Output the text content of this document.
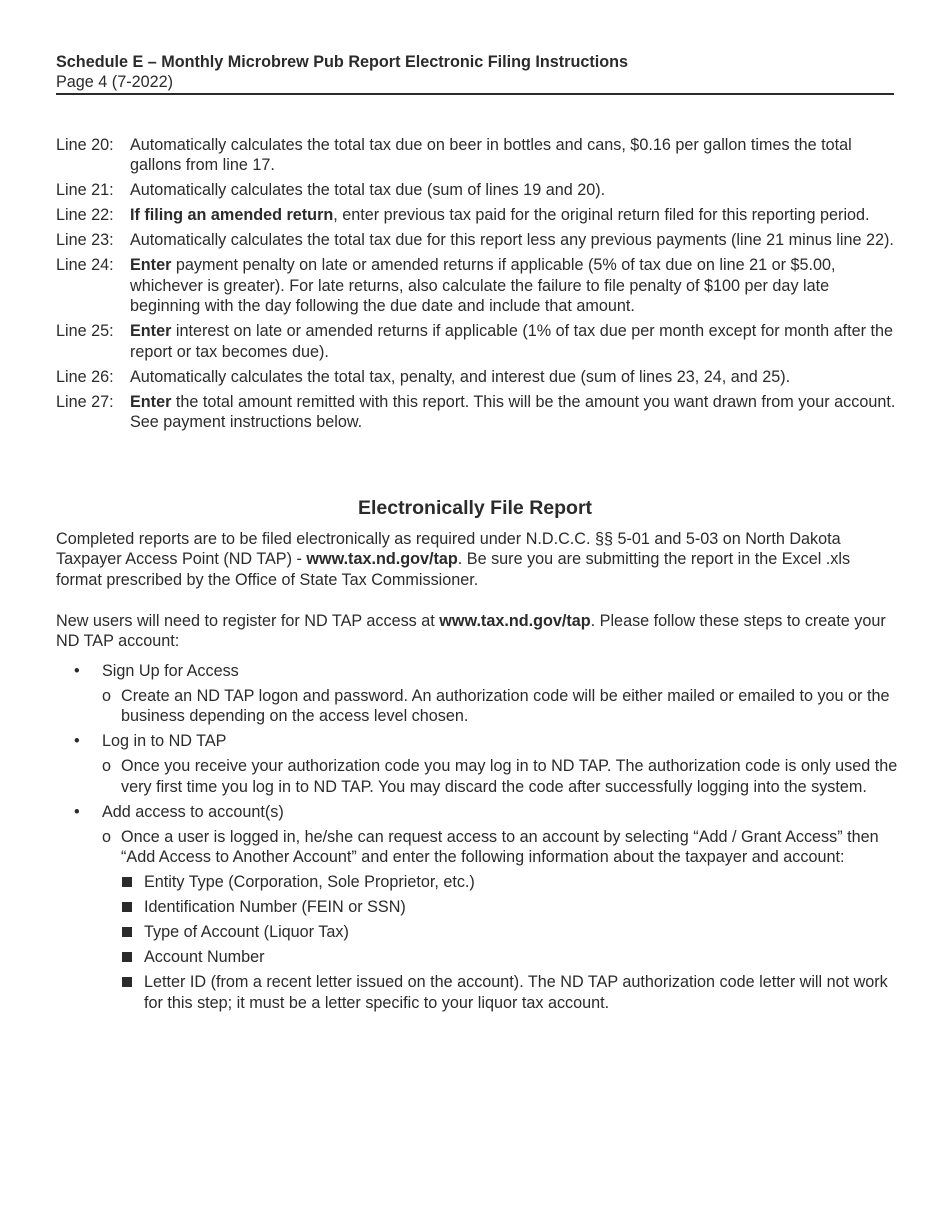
Schedule E – Monthly Microbrew Pub Report Electronic Filing Instructions
Page 4 (7-2022)
Line 20:	Automatically calculates the total tax due on beer in bottles and cans, $0.16 per gallon times the total gallons from line 17.
Line 21:	Automatically calculates the total tax due (sum of lines 19 and 20).
Line 22:	If filing an amended return, enter previous tax paid for the original return filed for this reporting period.
Line 23:	Automatically calculates the total tax due for this report less any previous payments (line 21 minus line 22).
Line 24:	Enter payment penalty on late or amended returns if applicable (5% of tax due on line 21 or $5.00, whichever is greater). For late returns, also calculate the failure to file penalty of $100 per day late beginning with the day following the due date and include that amount.
Line 25:	Enter interest on late or amended returns if applicable (1% of tax due per month except for month after the report or tax becomes due).
Line 26:	Automatically calculates the total tax, penalty, and interest due (sum of lines 23, 24, and 25).
Line 27:	Enter the total amount remitted with this report. This will be the amount you want drawn from your account. See payment instructions below.
Electronically File Report
Completed reports are to be filed electronically as required under N.D.C.C. §§ 5-01 and 5-03 on North Dakota Taxpayer Access Point (ND TAP) - www.tax.nd.gov/tap. Be sure you are submitting the report in the Excel .xls format prescribed by the Office of State Tax Commissioner.
New users will need to register for ND TAP access at www.tax.nd.gov/tap. Please follow these steps to create your ND TAP account:
•	Sign Up for Access
o Create an ND TAP logon and password. An authorization code will be either mailed or emailed to you or the business depending on the access level chosen.
•	Log in to ND TAP
o Once you receive your authorization code you may log in to ND TAP. The authorization code is only used the very first time you log in to ND TAP. You may discard the code after successfully logging into the system.
•	Add access to account(s)
o Once a user is logged in, he/she can request access to an account by selecting “Add / Grant Access” then “Add Access to Another Account” and enter the following information about the taxpayer and account:
Entity Type (Corporation, Sole Proprietor, etc.)
Identification Number (FEIN or SSN)
Type of Account (Liquor Tax)
Account Number
Letter ID (from a recent letter issued on the account). The ND TAP authorization code letter will not work for this step; it must be a letter specific to your liquor tax account.
